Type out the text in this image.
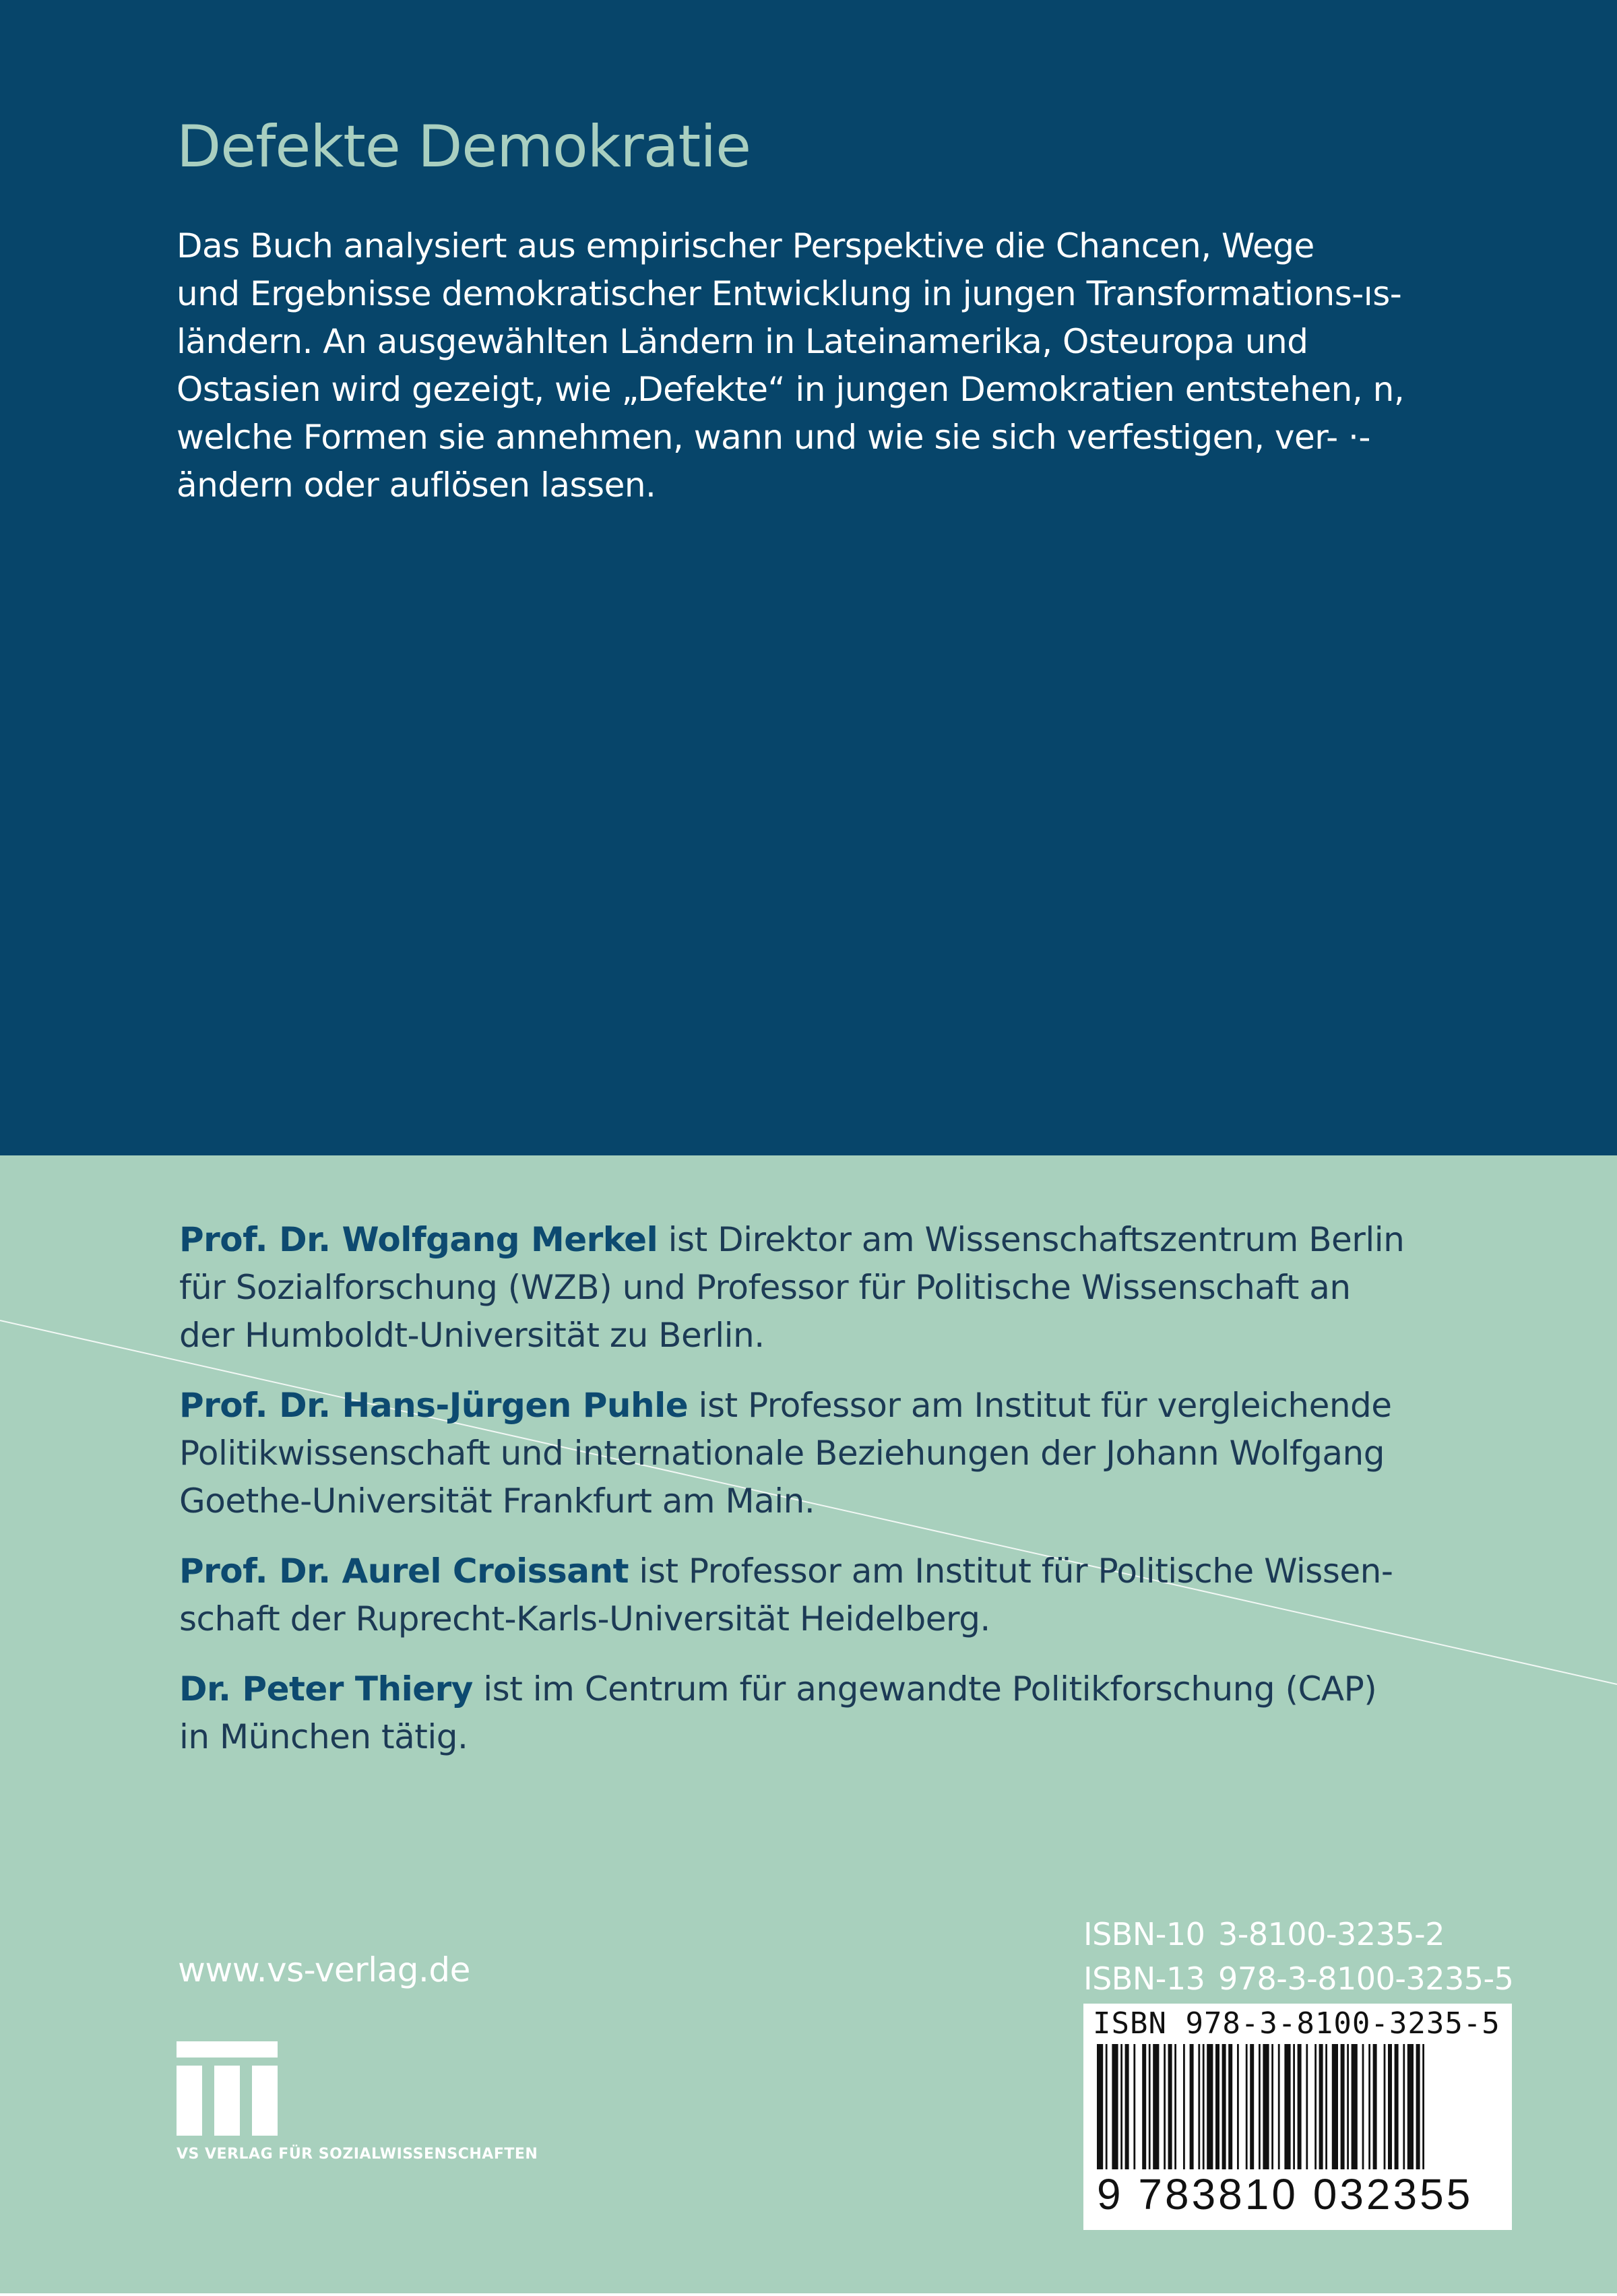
Defekte Demokratie
Das Buch analysiert aus empirischer Perspektive die Chancen, Wege
und Ergebnisse demokratischer Entwicklung in jungen Transformations-ıs-
ländern. An ausgewählten Ländern in Lateinamerika, Osteuropa und
Ostasien wird gezeigt, wie „Defekte“ in jungen Demokratien entstehen, n,
welche Formen sie annehmen, wann und wie sie sich verfestigen, ver- ·-
ändern oder auflösen lassen.
Prof. Dr. Wolfgang Merkel ist Direktor am Wissenschaftszentrum Berlin
für Sozialforschung (WZB) und Professor für Politische Wissenschaft an
der Humboldt-Universität zu Berlin.
Prof. Dr. Hans-Jürgen Puhle ist Professor am Institut für vergleichende
Politikwissenschaft und internationale Beziehungen der Johann Wolfgang
Goethe-Universität Frankfurt am Main.
Prof. Dr. Aurel Croissant ist Professor am Institut für Politische Wissen-
schaft der Ruprecht-Karls-Universität Heidelberg.
Dr. Peter Thiery ist im Centrum für angewandte Politikforschung (CAP)
in München tätig.
www.vs-verlag.de
VS VERLAG FÜR SOZIALWISSENSCHAFTEN
ISBN-10 3-8100-3235-2
ISBN-13 978-3-8100-3235-5
ISBN 978-3-8100-3235-5
9 783810 032355
